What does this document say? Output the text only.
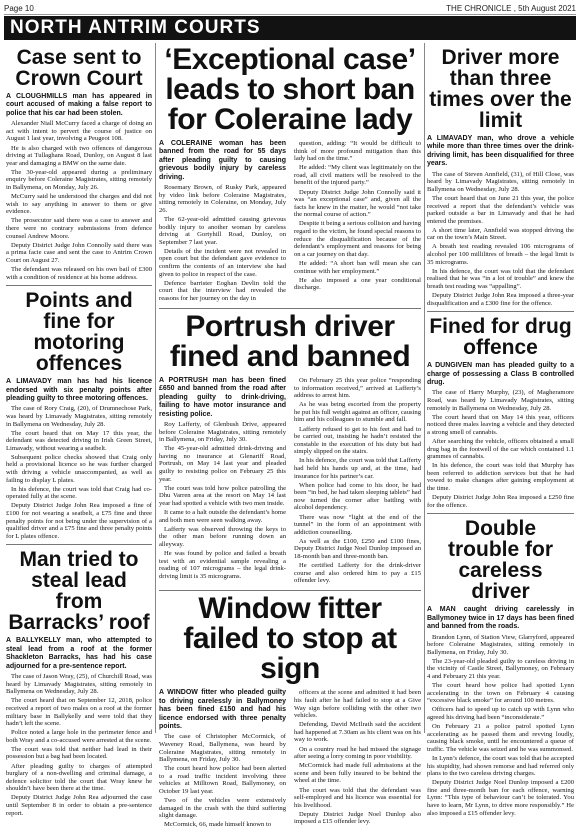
Page 10	THE CHRONICLE , 5th August 2021
NORTH ANTRIM COURTS
Case sent to Crown Court
A CLOUGHMILLS man has appeared in court accused of making a false report to police that his car had been stolen.

Alexander Niall McCurry faced a charge of doing an act with intent to pervert the course of justice on August 1 last year, involving a Peugeot 108.

He is also charged with two offences of dangerous driving at Tullaghans Road, Dunloy, on August 8 last year and damaging a BMW on the same date.

The 30-year-old appeared during a preliminary enquiry before Coleraine Magistrates, sitting remotely in Ballymena, on Monday, July 26.

McCurry said he understood the charges and did not wish to say anything in answer to them or give evidence.

The prosecutor said there was a case to answer and there were no contrary submissions from defence counsel Andrew Moore.

Deputy District Judge John Connolly said there was a prima facie case and sent the case to Antrim Crown Court on August 27.

The defendant was released on his own bail of £300 with a condition of residence at his home address.

Points and fine for motoring offences
A LIMAVADY man has had his licence endorsed with six penalty points after pleading guilty to three motoring offences.

The case of Rory Craig, (20), of Drumnechose Park, was heard by Limavady Magistrates, sitting remotely in Ballymena on Wednesday, July 28.

The court heard that on May 17 this year, the defendant was detected driving in Irish Green Street, Limavady, without wearing a seatbelt.

Subsequent police checks showed that Craig only held a provisional licence so he was further charged with driving a vehicle unaccompanied, as well as failing to display L plates.

In his defence, the court was told that Craig had co-operated fully at the scene.

Deputy District Judge John Rea imposed a fine of £100 for not wearing a seatbelt, a £75 fine and three penalty points for not being under the supervision of a qualified driver and a £75 fine and three penalty points for L plates offence.

Man tried to steal lead from Barracks’ roof
A BALLYKELLY man, who attempted to steal lead from a roof at the former Shackleton Barracks, has had his case adjourned for a pre-sentence report.

The case of Jason Wray, (25), of Churchill Road, was heard by Limavady Magistrates, sitting remotely in Ballymena on Wednesday, July 28.

The court heard that on September 12, 2018, police received a report of two males on a roof at the former military base in Ballykelly and were told that they hadn’t left the scene.

Police noted a large hole in the perimeter fence and both Wray and a co-accused were arrested at the scene.

The court was told that neither had lead in their possession but a bag had been located.

After pleading guilty to charges of attempted burglary of a non-dwelling and criminal damage, a defence solicitor told the court that Wray knew he shouldn’t have been there at the time.

Deputy District Judge John Rea adjourned the case until September 8 in order to obtain a pre-sentence report.

‘Exceptional case’ leads to short ban for Coleraine lady
A COLERAINE woman has been banned from the road for 55 days after pleading guilty to causing grievous bodily injury by careless driving.

Rosemary Brown, of Rusky Park, appeared by video link before Coleraine Magistrates, sitting remotely in Coleraine, on Monday, July 26.

The 62-year-old admitted causing grievous bodily injury to another woman by careless driving at Gortyhill Road, Dunloy, on September 7 last year.

Details of the incident were not revealed in open court but the defendant gave evidence to confirm the contents of an interview she had given to police in respect of the case.

Defence barrister Eoghan Devlin told the court that the interview had revealed the reasons for her journey on the day in

question, adding: “It would be difficult to think of more profound mitigation than this lady had on the time.”

He added: “My client was legitimately on the road, all civil matters will be resolved to the benefit of the injured party.”

Deputy District Judge John Connolly said it was “an exceptional case” and, given all the facts he knew in the matter, he would “not take the normal course of action.”

Despite it being a serious collision and having regard to the victim, he found special reasons to reduce the disqualification because of the defendant’s employment and reasons for being on a car journey on that day.

He added: “A short ban will mean she can continue with her employment.”

He also imposed a one year conditional discharge.

Portrush driver fined and banned
A PORTRUSH man has been fined £650 and banned from the road after pleading guilty to drink-driving, failing to have motor insurance and resisting police.

Roy Lafferty, of Glenbush Drive, appeared before Coleraine Magistrates, sitting remotely in Ballymena, on Friday, July 30.

The 45-year-old admitted drink-driving and having no insurance at Glenariff Road, Portrush, on May 14 last year and pleaded guilty to resisting police on February 25 this year.

The court was told how police patrolling the Dhu Varren area at the resort on May 14 last year had spotted a vehicle with two men inside.

It came to a halt outside the defendant’s home and both men were seen walking away.

Lafferty was observed throwing the keys to the other man before running down an alleyway.

He was found by police and failed a breath test with an evidential sample revealing a reading of 107 micrograms – the legal drink-driving limit is 35 micrograms.

On February 25 this year police “responding to information received,” arrived at Lafferty’s address to arrest him.

As he was being escorted from the property he put his full weight against an officer, causing him and his colleagues to stumble and fall.

Lafferty refused to get to his feet and had to be carried out, insisting he hadn’t resisted the constable in the execution of his duty but had simply slipped on the stairs.

In his defence, the court was told that Lafferty had held his hands up and, at the time, had insurance for his partner’s car.

When police had come to his door, he had been “in bed, he had taken sleeping tablets” had now turned the corner after battling with alcohol dependency.

There was now “light at the end of the tunnel” in the form of an appointment with addiction counselling.

As well as the £100, £250 and £100 fines, Deputy District Judge Noel Dunlop imposed an 18-month ban and three-month ban.

He certified Lafferty for the drink-driver course and also ordered him to pay a £15 offender levy.

Window fitter failed to stop at sign
A WINDOW fitter who pleaded guilty to driving carelessly in Ballymoney has been fined £150 and had his licence endorsed with three penalty points.

The case of Christopher McCormick, of Waveney Road, Ballymena, was heard by Coleraine Magistrates, sitting remotely in Ballymena, on Friday, July 30.

The court heard how police had been alerted to a road traffic incident involving three vehicles at Milltown Road, Ballymoney, on October 19 last year.

Two of the vehicles were extensively damaged in the crash with the third suffering slight damage.

McCormick, 66, made himself known to

officers at the scene and admitted it had been his fault after he had failed to stop at a Give Way sign before colliding with the other two vehicles.

Defending, David McIlrath said the accident had happened at 7.30am as his client was on his way to work.

On a country road he had missed the signage after seeing a lorry coming in poor visibility.

McCormick had made full admissions at the scene and been fully insured to be behind the wheel at the time.

The court was told that the defendant was self-employed and his licence was essential for his livelihood.

Deputy District Judge Noel Dunlop also imposed a £15 offender levy.

Driver more than three times over the limit
A LIMAVADY man, who drove a vehicle while more than three times over the drink-driving limit, has been disqualified for three years.

The case of Steven Annfield, (31), of Hill Close, was heard by Limavady Magistrates, sitting remotely in Ballymena on Wednesday, July 28.

The court heard that on June 21 this year, the police received a report that the defendant’s vehicle was parked outside a bar in Limavady and that he had entered the premises.

A short time later, Annfield was stopped driving the car on the town’s Main Street.

A breath test reading revealed 106 micrograms of alcohol per 100 millilitres of breath – the legal limit is 35 micrograms.

In his defence, the court was told that the defendant realised that he was “in a lot of trouble” and knew the breath test reading was “appalling”.

Deputy District Judge John Rea imposed a three-year disqualification and a £300 fine for the offence.

Fined for drug offence
A DUNGIVEN man has pleaded guilty to a charge of possessing a Class B controlled drug.

The case of Harry Murphy, (23), of Magheramore Road, was heard by Limavady Magistrates, sitting remotely in Ballymena on Wednesday, July 28.

The court heard that on May 14 this year, officers noticed three males leaving a vehicle and they detected a strong smell of cannabis.

After searching the vehicle, officers obtained a small drug bag in the footwell of the car which contained 1.1 grammes of cannabis.

In his defence, the court was told that Murphy has been referred to addiction services but that he had vowed to make changes after gaining employment at the time.

Deputy District Judge John Rea imposed a £250 fine for the offence.

Double trouble for careless driver
A MAN caught driving carelessly in Ballymoney twice in 17 days has been fined and banned from the roads.

Brandon Lynn, of Station View, Glarryford, appeared before Coleraine Magistrates, sitting remotely in Ballymena, on Friday, July 30.

The 23-year-old pleaded guilty to careless driving in the vicinity of Castle Street, Ballymoney, on February 4 and February 21 this year.

The court heard how police had spotted Lynn accelerating in the town on February 4 causing “excessive black smoke” for around 100 metres.

Officers had to speed up to catch up with Lynn who agreed his driving had been “inconsiderate.”

On February 21 a police patrol spotted Lynn accelerating as he passed them and revving loudly, causing black smoke, until he encountered a queue of traffic. The vehicle was seized and he was summonsed.

In Lynn’s defence, the court was told that he accepted his stupidity, had shown remorse and had referred only plans to the two careless driving charges.

Deputy District Judge Noel Dunlop imposed a £200 fine and three-month ban for each offence, warning Lynn: “This type of behaviour can’t be tolerated. You have to learn, Mr Lynn, to drive more responsibly.” He also imposed a £15 offender levy.
